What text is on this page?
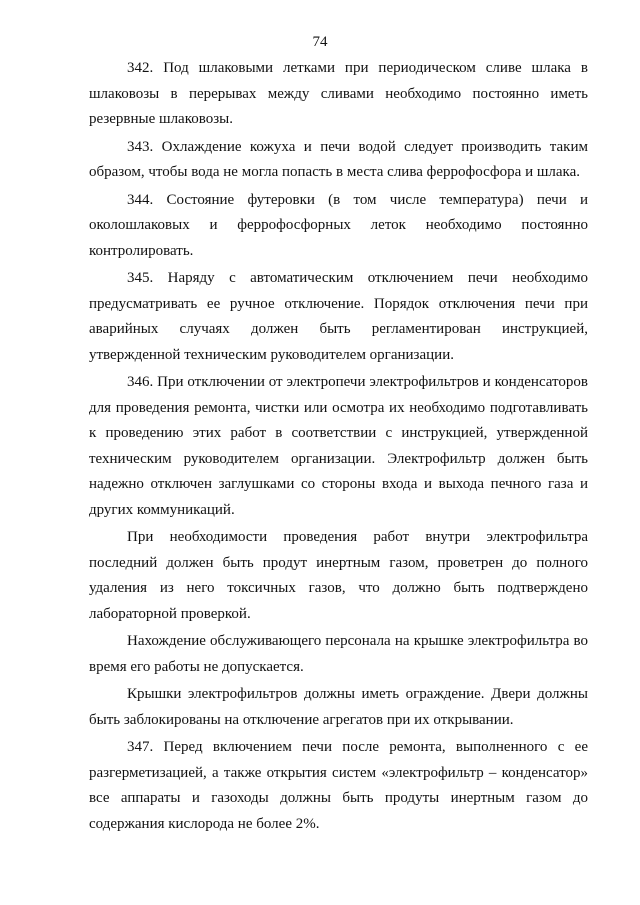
74

342. Под шлаковыми летками при периодическом сливе шлака в шлаковозы в перерывах между сливами необходимо постоянно иметь резервные шлаковозы.

343. Охлаждение кожуха и печи водой следует производить таким образом, чтобы вода не могла попасть в места слива феррофосфора и шлака.

344. Состояние футеровки (в том числе температура) печи и околошлаковых и феррофосфорных леток необходимо постоянно контролировать.

345. Наряду с автоматическим отключением печи необходимо предусматривать ее ручное отключение. Порядок отключения печи при аварийных случаях должен быть регламентирован инструкцией, утвержденной техническим руководителем организации.

346. При отключении от электропечи электрофильтров и конденсаторов для проведения ремонта, чистки или осмотра их необходимо подготавливать к проведению этих работ в соответствии с инструкцией, утвержденной техническим руководителем организации. Электрофильтр должен быть надежно отключен заглушками со стороны входа и выхода печного газа и других коммуникаций.

При необходимости проведения работ внутри электрофильтра последний должен быть продут инертным газом, проветрен до полного удаления из него токсичных газов, что должно быть подтверждено лабораторной проверкой.

Нахождение обслуживающего персонала на крышке электрофильтра во время его работы не допускается.

Крышки электрофильтров должны иметь ограждение. Двери должны быть заблокированы на отключение агрегатов при их открывании.

347. Перед включением печи после ремонта, выполненного с ее разгерметизацией, а также открытия систем «электрофильтр – конденсатор» все аппараты и газоходы должны быть продуты инертным газом до содержания кислорода не более 2%.
